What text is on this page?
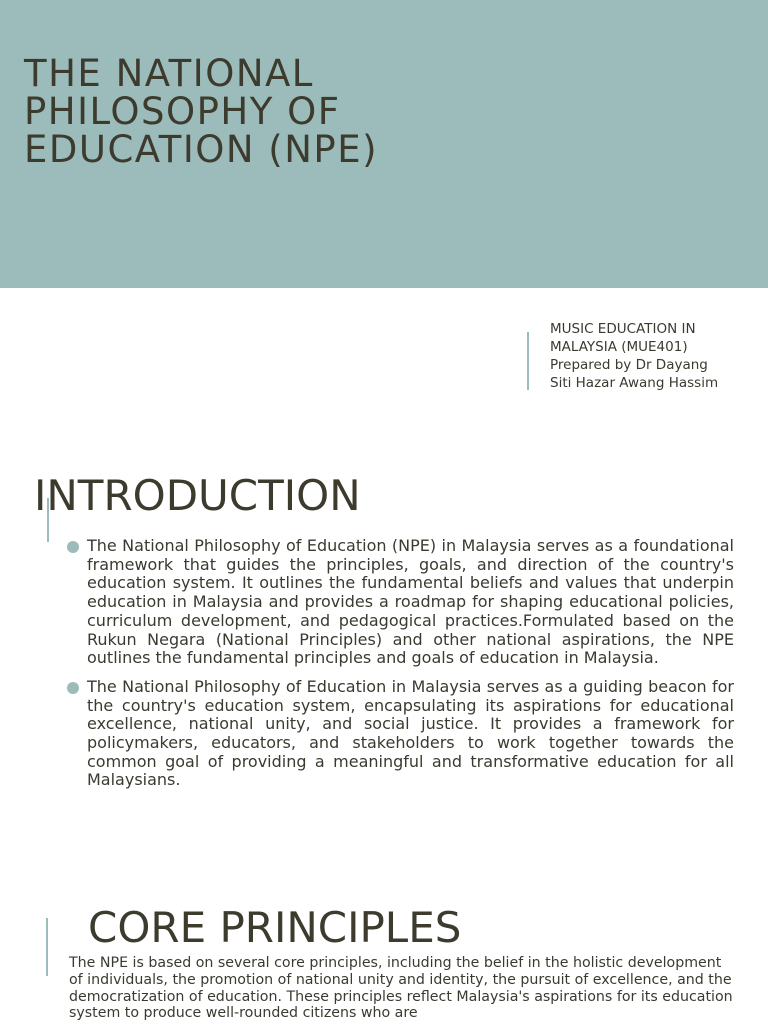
THE NATIONAL
PHILOSOPHY OF
EDUCATION (NPE)
MUSIC EDUCATION IN
MALAYSIA (MUE401)
Prepared by Dr Dayang
Siti Hazar Awang Hassim
INTRODUCTION
The National Philosophy of Education (NPE) in Malaysia serves as a foundational framework that guides the principles, goals, and direction of the country's education system. It outlines the fundamental beliefs and values that underpin education in Malaysia and provides a roadmap for shaping educational policies, curriculum development, and pedagogical practices.Formulated based on the Rukun Negara (National Principles) and other national aspirations, the NPE outlines the fundamental principles and goals of education in Malaysia.
The National Philosophy of Education in Malaysia serves as a guiding beacon for the country's education system, encapsulating its aspirations for educational excellence, national unity, and social justice. It provides a framework for policymakers, educators, and stakeholders to work together towards the common goal of providing a meaningful and transformative education for all Malaysians.
CORE PRINCIPLES

The NPE is based on several core principles, including the belief in the holistic development of individuals, the promotion of national unity and identity, the pursuit of excellence, and the democratization of education. These principles reflect Malaysia's aspirations for its education system to produce well-rounded citizens who are
